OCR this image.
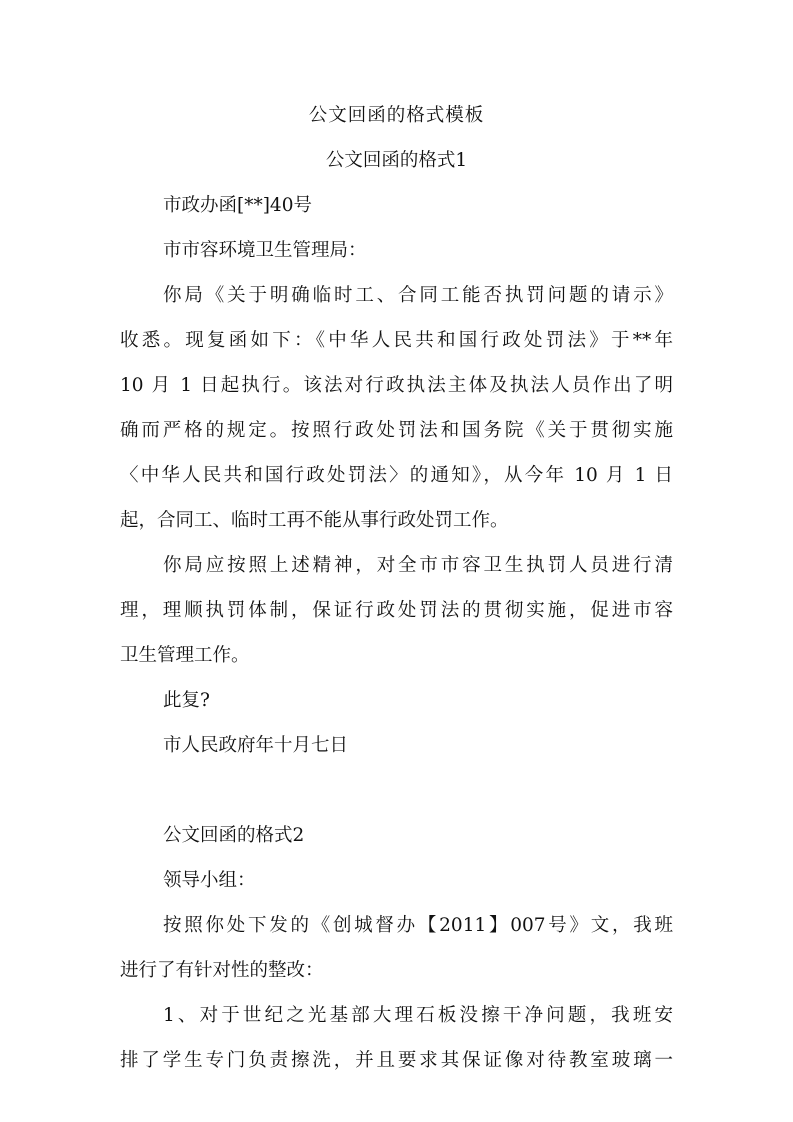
公文回函的格式模板
公文回函的格式1
市政办函[**]40号
市市容环境卫生管理局：
你局《关于明确临时工、合同工能否执罚问题的请示》
收悉。现复函如下：《中华人民共和国行政处罚法》于**年
10 月 1 日起执行。该法对行政执法主体及执法人员作出了明
确而严格的规定。按照行政处罚法和国务院《关于贯彻实施
〈中华人民共和国行政处罚法〉的通知》，从今年 10 月 1 日
起，合同工、临时工再不能从事行政处罚工作。
你局应按照上述精神，对全市市容卫生执罚人员进行清
理，理顺执罚体制，保证行政处罚法的贯彻实施，促进市容
卫生管理工作。
此复?
市人民政府年十月七日
公文回函的格式2
领导小组：
按照你处下发的《创城督办【2011】007号》文，我班
进行了有针对性的整改：
1、对于世纪之光基部大理石板没擦干净问题，我班安
排了学生专门负责擦洗，并且要求其保证像对待教室玻璃一
